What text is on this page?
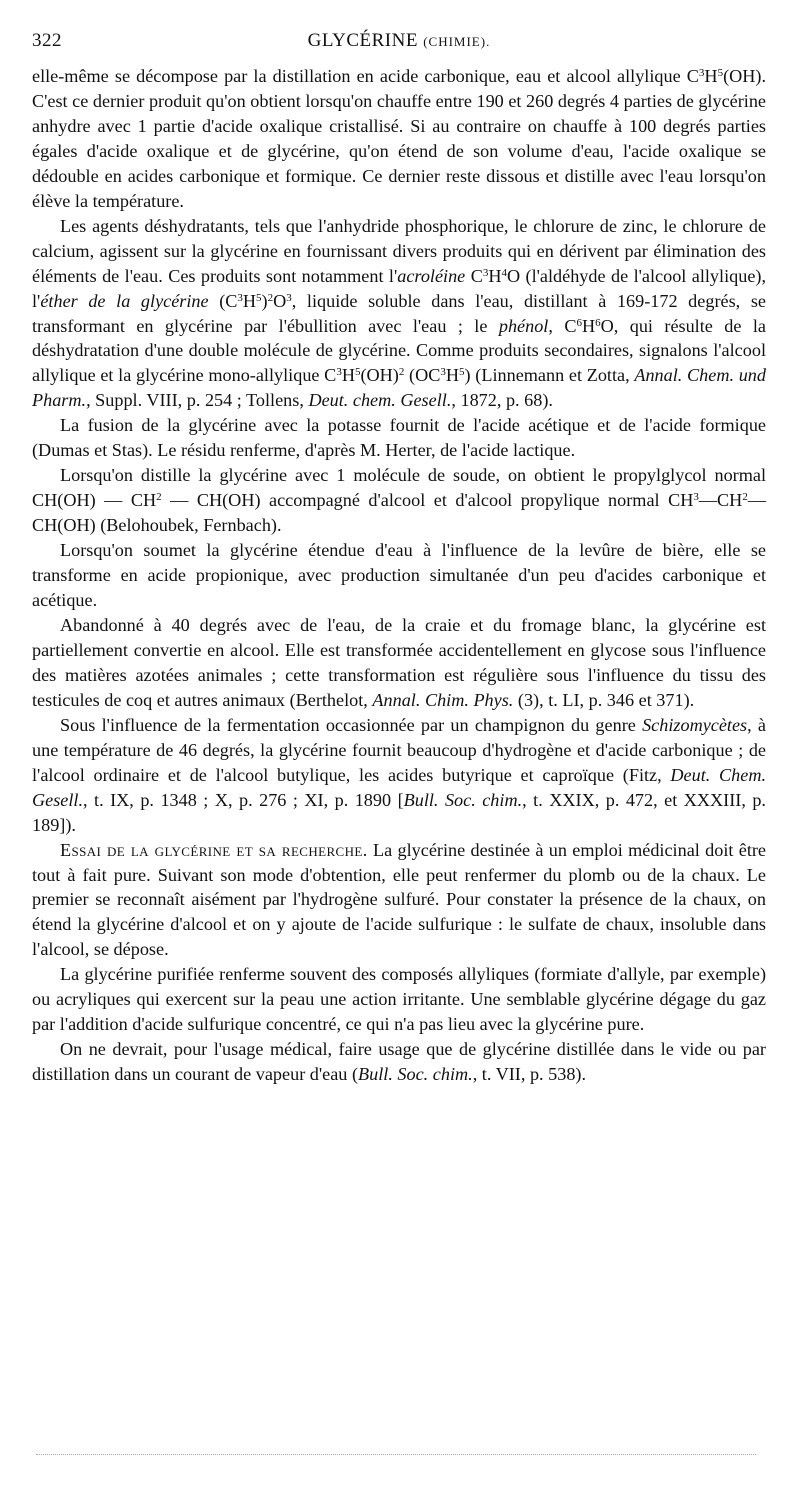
322	GLYCÉRINE (CHIMIE).

elle-même se décompose par la distillation en acide carbonique, eau et alcool allylique $C^3H^5(OH)$. C'est ce dernier produit qu'on obtient lorsqu'on chauffe entre 190 et 260 degrés 4 parties de glycérine anhydre avec 1 partie d'acide oxalique cristallisé. Si au contraire on chauffe à 100 degrés parties égales d'acide oxalique et de glycérine, qu'on étend de son volume d'eau, l'acide oxalique se dédouble en acides carbonique et formique. Ce dernier reste dissous et distille avec l'eau lorsqu'on élève la température.

Les agents déshydratants, tels que l'anhydride phosphorique, le chlorure de zinc, le chlorure de calcium, agissent sur la glycérine en fournissant divers produits qui en dérivent par élimination des éléments de l'eau. Ces produits sont notamment l'acroléine $C^3H^4O$ (l'aldéhyde de l'alcool allylique), l'éther de la glycérine $(C^3H^5)^2O^3$, liquide soluble dans l'eau, distillant à 169-172 degrés, se transformant en glycérine par l'ébullition avec l'eau ; le phénol, $C^6H^6O$, qui résulte de la déshydratation d'une double molécule de glycérine. Comme produits secondaires, signalons l'alcool allylique et la glycérine mono-allylique $C^3H^5(OH)^2$ $(OC^3H^5)$ (Linnemann et Zotta, Annal. Chem. und Pharm., Suppl. VIII, p. 254 ; Tollens, Deut. chem. Gesell., 1872, p. 68).

La fusion de la glycérine avec la potasse fournit de l'acide acétique et de l'acide formique (Dumas et Stas). Le résidu renferme, d'après M. Herter, de l'acide lactique.

Lorsqu'on distille la glycérine avec 1 molécule de soude, on obtient le propylglycol normal CH(OH) — $CH^2$ — CH(OH) accompagné d'alcool et d'alcool propylique normal $CH^3—CH^2—CH(OH)$ (Belohoubek, Fernbach).

Lorsqu'on soumet la glycérine étendue d'eau à l'influence de la levûre de bière, elle se transforme en acide propionique, avec production simultanée d'un peu d'acides carbonique et acétique.

Abandonné à 40 degrés avec de l'eau, de la craie et du fromage blanc, la glycérine est partiellement convertie en alcool. Elle est transformée accidentellement en glycose sous l'influence des matières azotées animales ; cette transformation est régulière sous l'influence du tissu des testicules de coq et autres animaux (Berthelot, Annal. Chim. Phys. (3), t. LI, p. 346 et 371).

Sous l'influence de la fermentation occasionnée par un champignon du genre Schizomycètes, à une température de 46 degrés, la glycérine fournit beaucoup d'hydrogène et d'acide carbonique ; de l'alcool ordinaire et de l'alcool butylique, les acides butyrique et caproïque (Fitz, Deut. Chem. Gesell., t. IX, p. 1348 ; X, p. 276 ; XI, p. 1890 [Bull. Soc. chim., t. XXIX, p. 472, et XXXIII, p. 189]).

Essai de la glycérine et sa recherche. La glycérine destinée à un emploi médicinal doit être tout à fait pure. Suivant son mode d'obtention, elle peut renfermer du plomb ou de la chaux. Le premier se reconnaît aisément par l'hydrogène sulfuré. Pour constater la présence de la chaux, on étend la glycérine d'alcool et on y ajoute de l'acide sulfurique : le sulfate de chaux, insoluble dans l'alcool, se dépose.

La glycérine purifiée renferme souvent des composés allyliques (formiate d'allyle, par exemple) ou acryliques qui exercent sur la peau une action irritante. Une semblable glycérine dégage du gaz par l'addition d'acide sulfurique concentré, ce qui n'a pas lieu avec la glycérine pure.

On ne devrait, pour l'usage médical, faire usage que de glycérine distillée dans le vide ou par distillation dans un courant de vapeur d'eau (Bull. Soc. chim., t. VII, p. 538).
